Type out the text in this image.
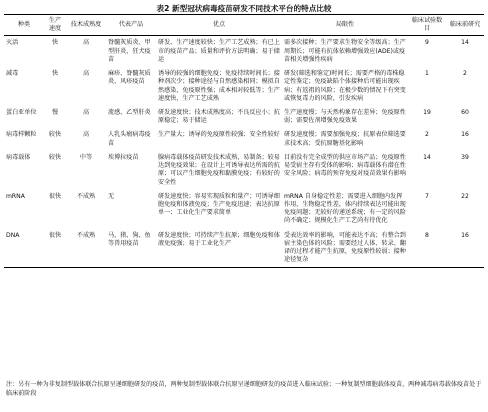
表2 新型冠状病毒疫苗研发不同技术平台的特点比较
种类	生产速度	技术成熟度	代表产品	优点	局限性	临床试验数目	临床前研究
灭活	快	高	脊髓灰质炎、甲型肝炎、狂犬疫苗	研发、生产速度较快；生产工艺成熟；有已上市的疫苗产品；质量和评价方法明确；易于储运	需多次接种；生产要求生物安全等级高；生产周期长；可能有抗体依赖增强效应(ADE)或疫苗相关增强性疾病	9	14
减毒	快	高	麻疹、脊髓灰质炎、风疹疫苗	诱导的较强的细胞免疫；免疫持续时间长；接种剂次少；接种途径与自然感染相同；模拟自然感染，免疫原性强；成本相对较低等；生产速度快，生产工艺成熟	研发(筛选和鉴定)时间长；需要严格的毒株稳定性鉴定；免疫缺陷个体接种后可能出现疾病；有返祖的风险；在极少数的情况下有突变或恢复毒力的风险，引发疾病	1	2
蛋白亚单位	慢	高	流感、乙型肝炎	研发速度快；技术成熟度高；不良反应小；抗原稳定；易于储运	生产速度慢；与天然构象存在差异；免疫原性弱；需要佐剂增强免疫效果	19	60
病毒样颗粒	较快	高	人乳头瘤病毒疫苗	生产量大；诱导的免疫原性较强；安全性较好	研发速度慢；需要加强免疫；抗原表位筛选要求技术高；受抗原糖基化影响	2	16
病毒载体	较快	中等	埃博拉疫苗	腺病毒载体疫苗研发技术成熟，易制备；较易达到免疫效果；在设计上可诱导表达所需的抗原；可以产生细胞免疫和黏膜免疫；有较好的安全性	目前没有完全成型的供应市场产品；免疫原性易受宿主存有受体的影响；病毒载体有潜在性安全风险；病毒的预存免疫对疫苗效果有影响	14	39
mRNA	很快	不成熟	无	研发速度快；容易实现质粒和量产；可诱导细胞免疫和体液免疫；生产免疫迅速；表达抗原单一；工业化生产要求简单	mRNA 自身稳定性差；需要进入细胞内发挥作用，生物稳定性差，体内持续表达可能出现免疫问题；无较好的递送系统；有一定的风险尚不确定；规模化生产工艺尚有待优化	7	22
DNA	很快	不成熟	马、猪、狗、鱼等兽用疫苗	研发速度快；可持续产生抗原；细胞免疫和体液免疫强；易于工业化生产	受表达效率的影响，可能表达不高；有整合到宿主染色体的风险；需要经过人体、转录、翻译的过程才能产生抗原，免疫原性较弱；接种途径复杂	8	16
注：另有一种为非复制型载体联合抗原呈递细胞研发的疫苗，两种复制型载体联合抗原呈递细胞研发的疫苗进入临床试验；一种复制型细胞载体疫苗，两种减毒病毒载体疫苗处于临床前阶段
